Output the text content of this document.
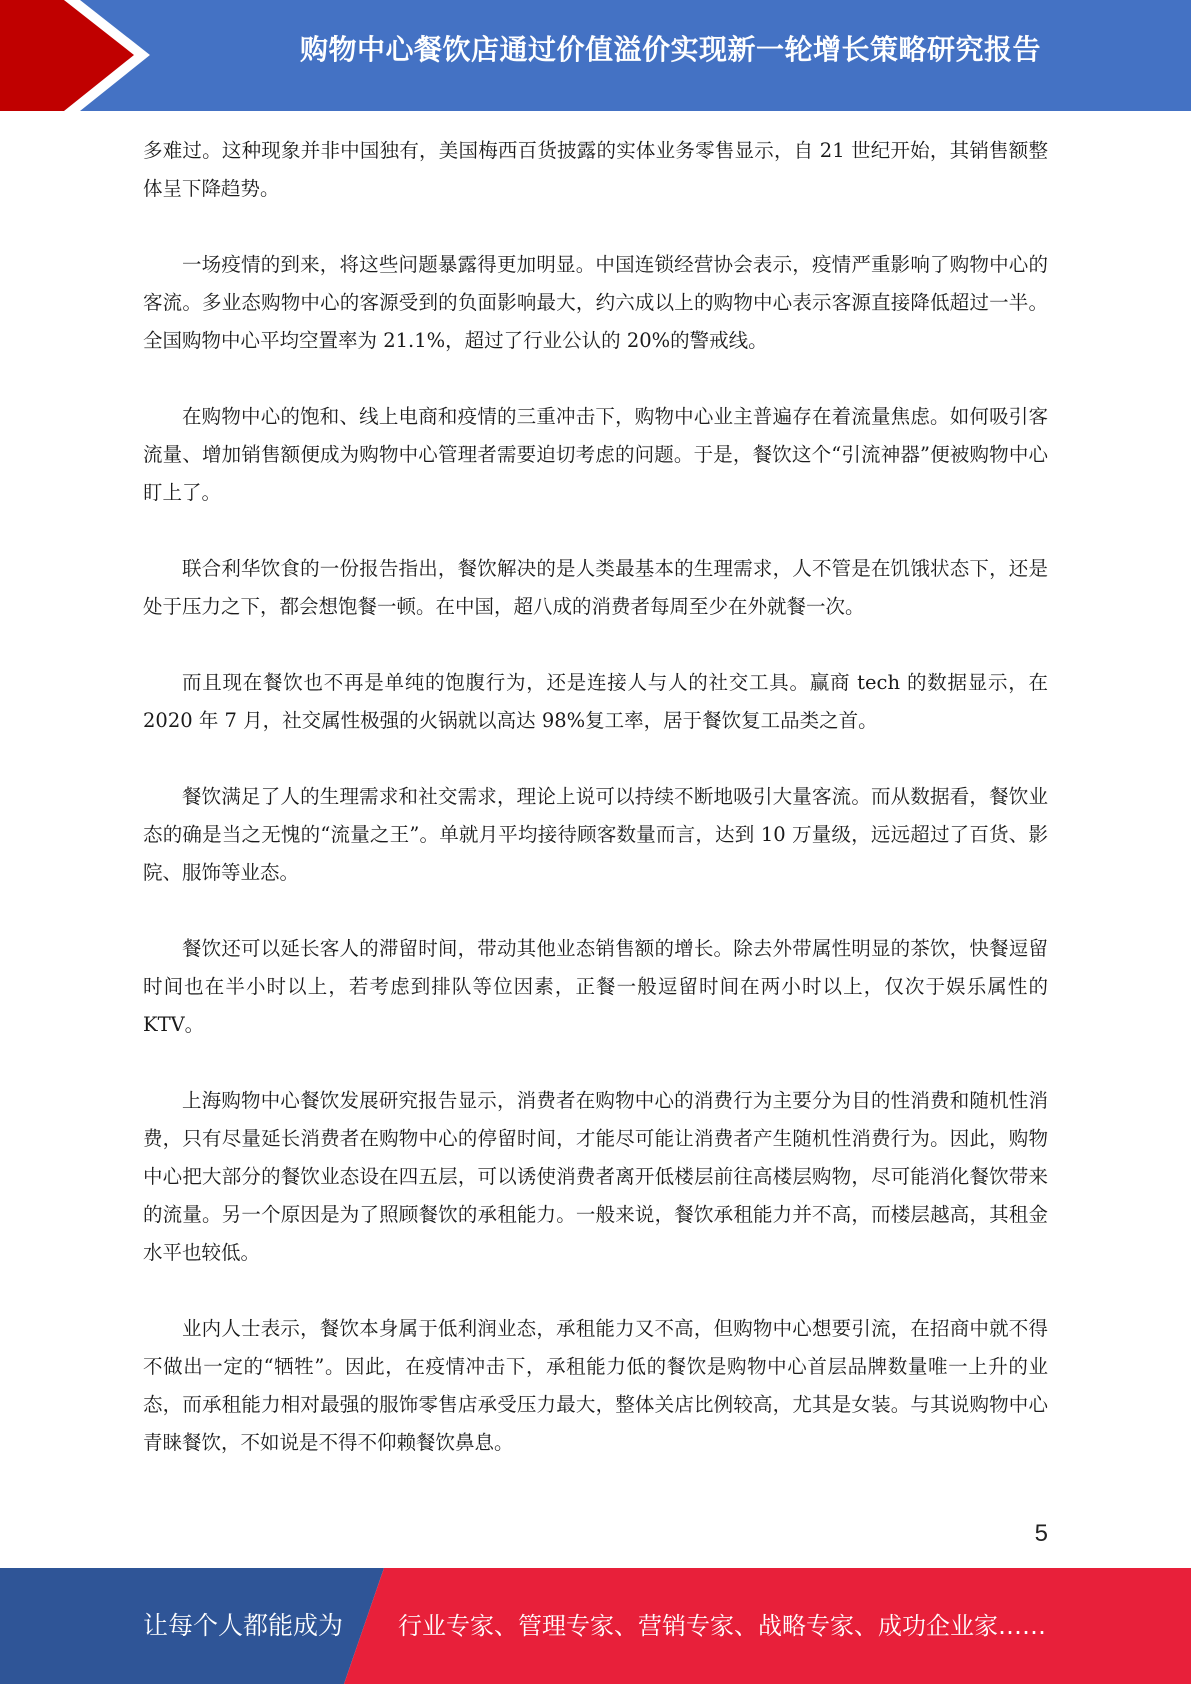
购物中心餐饮店通过价值溢价实现新一轮增长策略研究报告

多难过。这种现象并非中国独有，美国梅西百货披露的实体业务零售显示，自 21 世纪开始，其销售额整体呈下降趋势。

一场疫情的到来，将这些问题暴露得更加明显。中国连锁经营协会表示，疫情严重影响了购物中心的客流。多业态购物中心的客源受到的负面影响最大，约六成以上的购物中心表示客源直接降低超过一半。全国购物中心平均空置率为 21.1%，超过了行业公认的 20%的警戒线。

在购物中心的饱和、线上电商和疫情的三重冲击下，购物中心业主普遍存在着流量焦虑。如何吸引客流量、增加销售额便成为购物中心管理者需要迫切考虑的问题。于是，餐饮这个“引流神器”便被购物中心盯上了。

联合利华饮食的一份报告指出，餐饮解决的是人类最基本的生理需求，人不管是在饥饿状态下，还是处于压力之下，都会想饱餐一顿。在中国，超八成的消费者每周至少在外就餐一次。

而且现在餐饮也不再是单纯的饱腹行为，还是连接人与人的社交工具。赢商 tech 的数据显示，在 2020 年 7 月，社交属性极强的火锅就以高达 98%复工率，居于餐饮复工品类之首。

餐饮满足了人的生理需求和社交需求，理论上说可以持续不断地吸引大量客流。而从数据看，餐饮业态的确是当之无愧的“流量之王”。单就月平均接待顾客数量而言，达到 10 万量级，远远超过了百货、影院、服饰等业态。

餐饮还可以延长客人的滞留时间，带动其他业态销售额的增长。除去外带属性明显的茶饮，快餐逗留时间也在半小时以上，若考虑到排队等位因素，正餐一般逗留时间在两小时以上，仅次于娱乐属性的 KTV。

上海购物中心餐饮发展研究报告显示，消费者在购物中心的消费行为主要分为目的性消费和随机性消费，只有尽量延长消费者在购物中心的停留时间，才能尽可能让消费者产生随机性消费行为。因此，购物中心把大部分的餐饮业态设在四五层，可以诱使消费者离开低楼层前往高楼层购物，尽可能消化餐饮带来的流量。另一个原因是为了照顾餐饮的承租能力。一般来说，餐饮承租能力并不高，而楼层越高，其租金水平也较低。

业内人士表示，餐饮本身属于低利润业态，承租能力又不高，但购物中心想要引流，在招商中就不得不做出一定的“牺牲”。因此，在疫情冲击下，承租能力低的餐饮是购物中心首层品牌数量唯一上升的业态，而承租能力相对最强的服饰零售店承受压力最大，整体关店比例较高，尤其是女装。与其说购物中心青睐餐饮，不如说是不得不仰赖餐饮鼻息。

5
让每个人都能成为 行业专家、管理专家、营销专家、战略专家、成功企业家……
